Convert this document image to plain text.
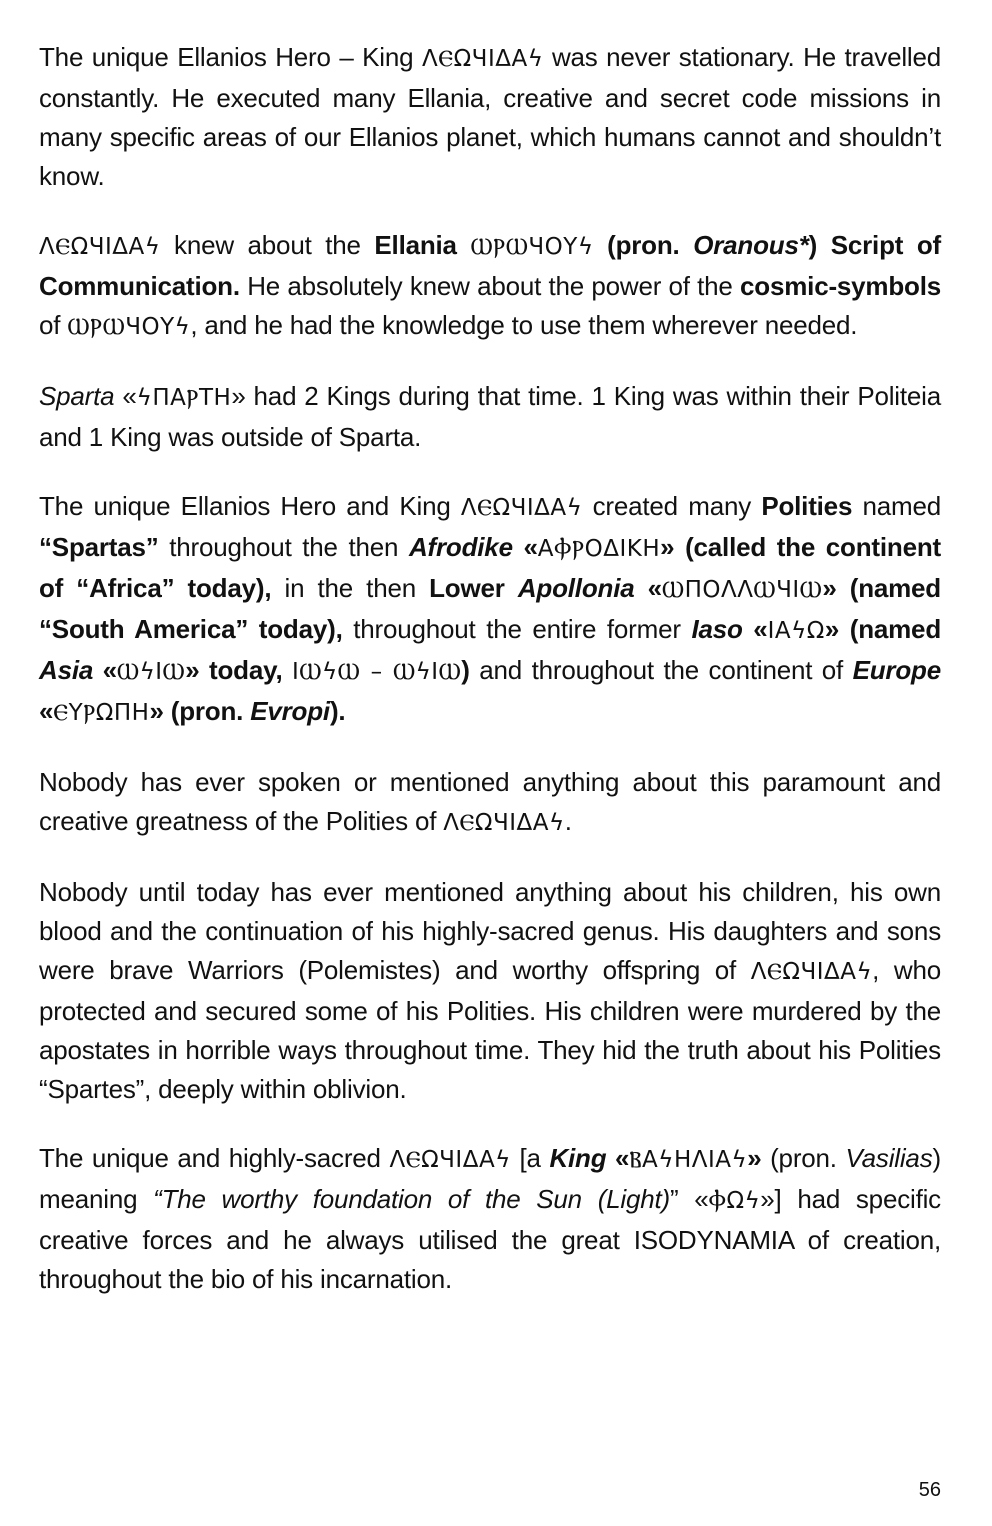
The unique Ellanios Hero – King ΛⲈΩЧΙΔΑϟ was never stationary. He travelled constantly. He executed many Ellania, creative and secret code missions in many specific areas of our Ellanios planet, which humans cannot and shouldn’t know.

ΛⲈΩЧΙΔΑϟ knew about the Ellania ⲰⲢⲰЧΟΥϟ (pron. Oranous*) Script of Communication. He absolutely knew about the power of the cosmic-symbols of ⲰⲢⲰЧΟΥϟ, and he had the knowledge to use them wherever needed.

Sparta «ϟΠΑⲢΤΗ» had 2 Kings during that time. 1 King was within their Politeia and 1 King was outside of Sparta.

The unique Ellanios Hero and King ΛⲈΩЧΙΔΑϟ created many Polities named “Spartas” throughout the then Afrodike «ΑⲪⲢΟΔΙΚΗ» (called the continent of “Africa” today), in the then Lower Apollonia «ⲰΠΟΛΛⲰЧΙⲰ» (named “South America” today), throughout the entire former Iaso «ΙΑϟΩ» (named Asia «ⲰϟΙⲰ» today, ΙⲰϟⲰ – ⲰϟΙⲰ) and throughout the continent of Europe «ⲈΥⲢΩΠΗ» (pron. Evropi).

Nobody has ever spoken or mentioned anything about this paramount and creative greatness of the Polities of ΛⲈΩЧΙΔΑϟ.

Nobody until today has ever mentioned anything about his children, his own blood and the continuation of his highly-sacred genus. His daughters and sons were brave Warriors (Polemistes) and worthy offspring of ΛⲈΩЧΙΔΑϟ, who protected and secured some of his Polities. His children were murdered by the apostates in horrible ways throughout time. They hid the truth about his Polities “Spartes”, deeply within oblivion.

The unique and highly-sacred ΛⲈΩЧΙΔΑϟ [a King «ⲂΑϟΗΛΙΑϟ» (pron. Vasilias) meaning “The worthy foundation of the Sun (Light)” «ⲪΩϟ»] had specific creative forces and he always utilised the great ISODYNAMIA of creation, throughout the bio of his incarnation.

56
